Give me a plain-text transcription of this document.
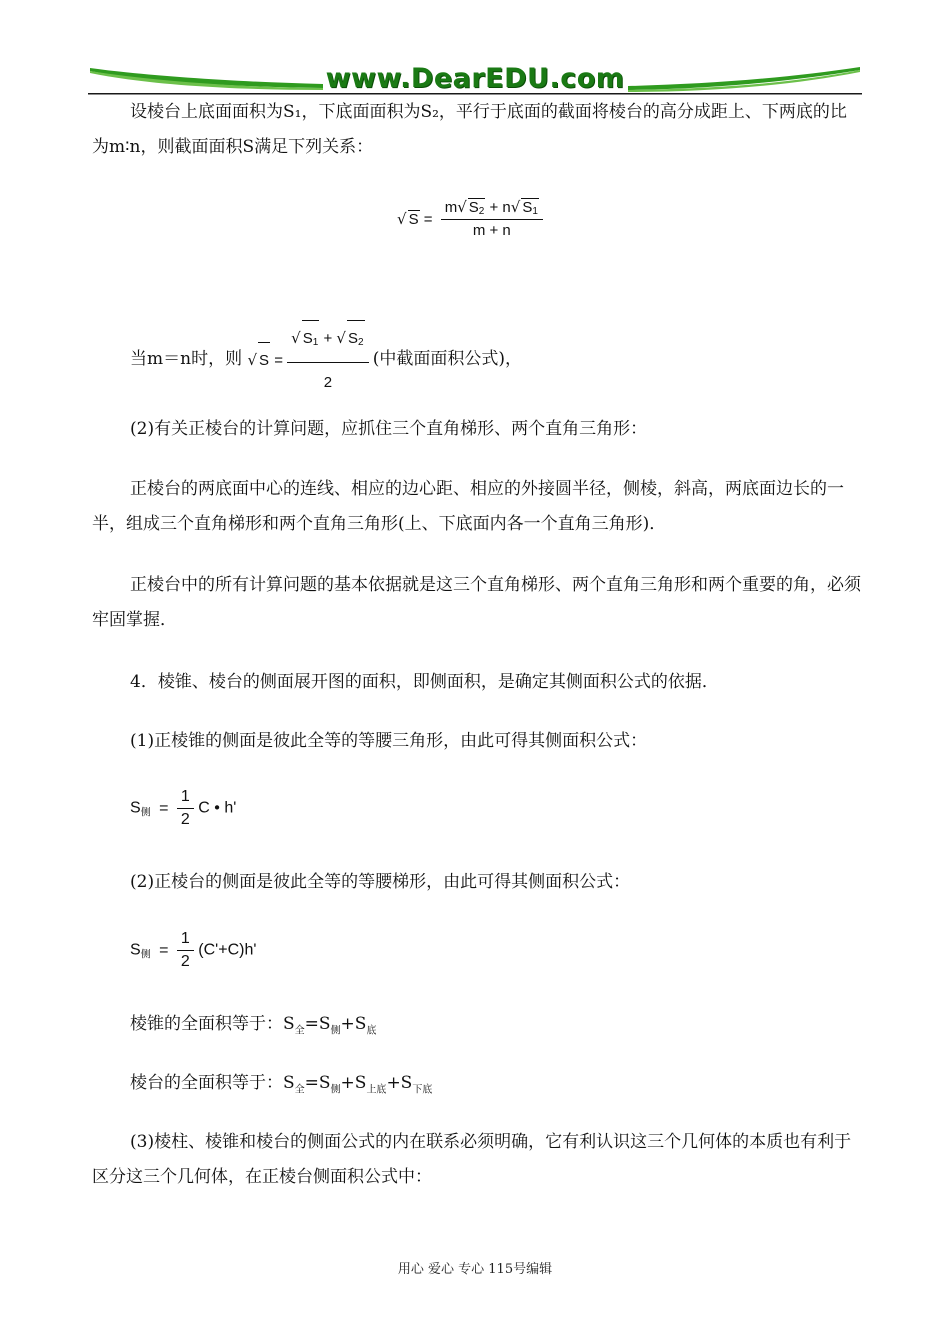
www.DearEDU.com

设棱台上底面面积为S₁，下底面面积为S₂，平行于底面的截面将棱台的高分成距上、下两底的比为m∶n，则截面面积S满足下列关系：

√ $S = \frac{m√ S_2 + n√ S_1}{m + n}$
当m＝n时，则 √ $S = \frac{√ S_1 + √ S_2}{2}$ (中截面面积公式)，

(2)有关正棱台的计算问题，应抓住三个直角梯形、两个直角三角形：

正棱台的两底面中心的连线、相应的边心距、相应的外接圆半径，侧棱，斜高，两底面边长的一半，组成三个直角梯形和两个直角三角形(上、下底面内各一个直角三角形)．

正棱台中的所有计算问题的基本依据就是这三个直角梯形、两个直角三角形和两个重要的角，必须牢固掌握．

4．棱锥、棱台的侧面展开图的面积，即侧面积，是确定其侧面积公式的依据．

(1)正棱锥的侧面是彼此全等的等腰三角形，由此可得其侧面积公式：

S侧 = $\frac{1}{2}$ C • h'

(2)正棱台的侧面是彼此全等的等腰梯形，由此可得其侧面积公式：

S侧 = $\frac{1}{2} (C'+C)h'$
棱锥的全面积等于：$S_全=S_侧+S_底$
棱台的全面积等于：$S_全=S_侧+S_{上底}+S_{下底}$

(3)棱柱、棱锥和棱台的侧面公式的内在联系必须明确，它有利认识这三个几何体的本质也有利于区分这三个几何体，在正棱台侧面积公式中：

用心 爱心 专心 115号编辑
